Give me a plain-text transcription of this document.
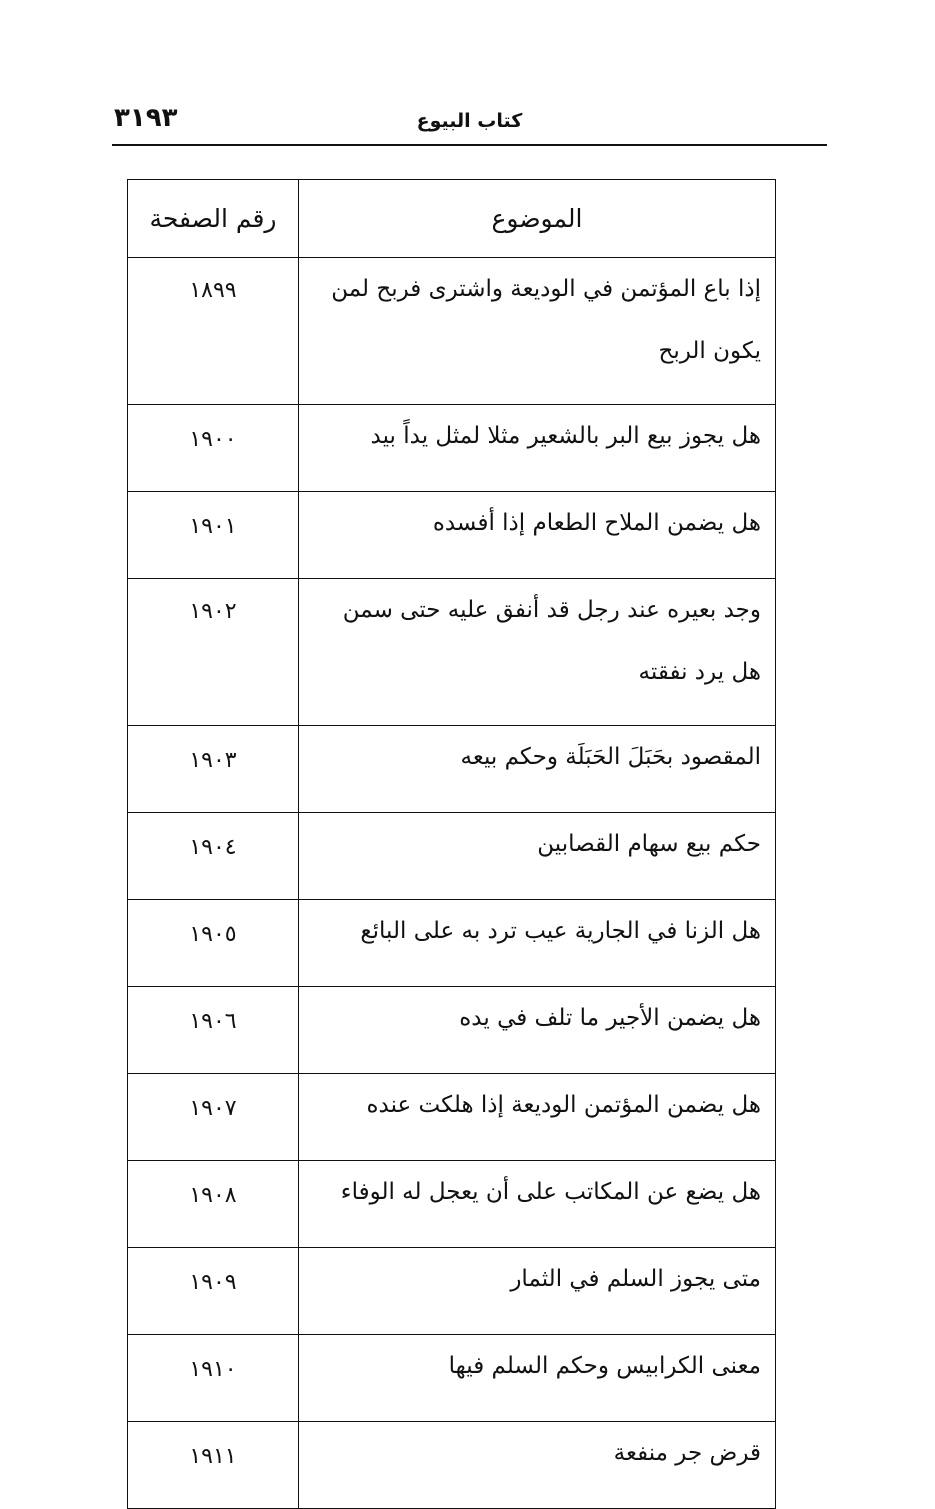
٣١٩٣	كتاب البيوع
الموضوع	رقم الصفحة
إذا باع المؤتمن في الوديعة واشترى فربح لمن يكون الربح	١٨٩٩
هل يجوز بيع البر بالشعير مثلا لمثل يداً بيد	١٩٠٠
هل يضمن الملاح الطعام إذا أفسده	١٩٠١
وجد بعيره عند رجل قد أنفق عليه حتى سمن هل يرد نفقته	١٩٠٢
المقصود بحَبَلَ الحَبَلَة وحكم بيعه	١٩٠٣
حكم بيع سهام القصابين	١٩٠٤
هل الزنا في الجارية عيب ترد به على البائع	١٩٠٥
هل يضمن الأجير ما تلف في يده	١٩٠٦
هل يضمن المؤتمن الوديعة إذا هلكت عنده	١٩٠٧
هل يضع عن المكاتب على أن يعجل له الوفاء	١٩٠٨
متى يجوز السلم في الثمار	١٩٠٩
معنى الكرابيس وحكم السلم فيها	١٩١٠
قرض جر منفعة	١٩١١
